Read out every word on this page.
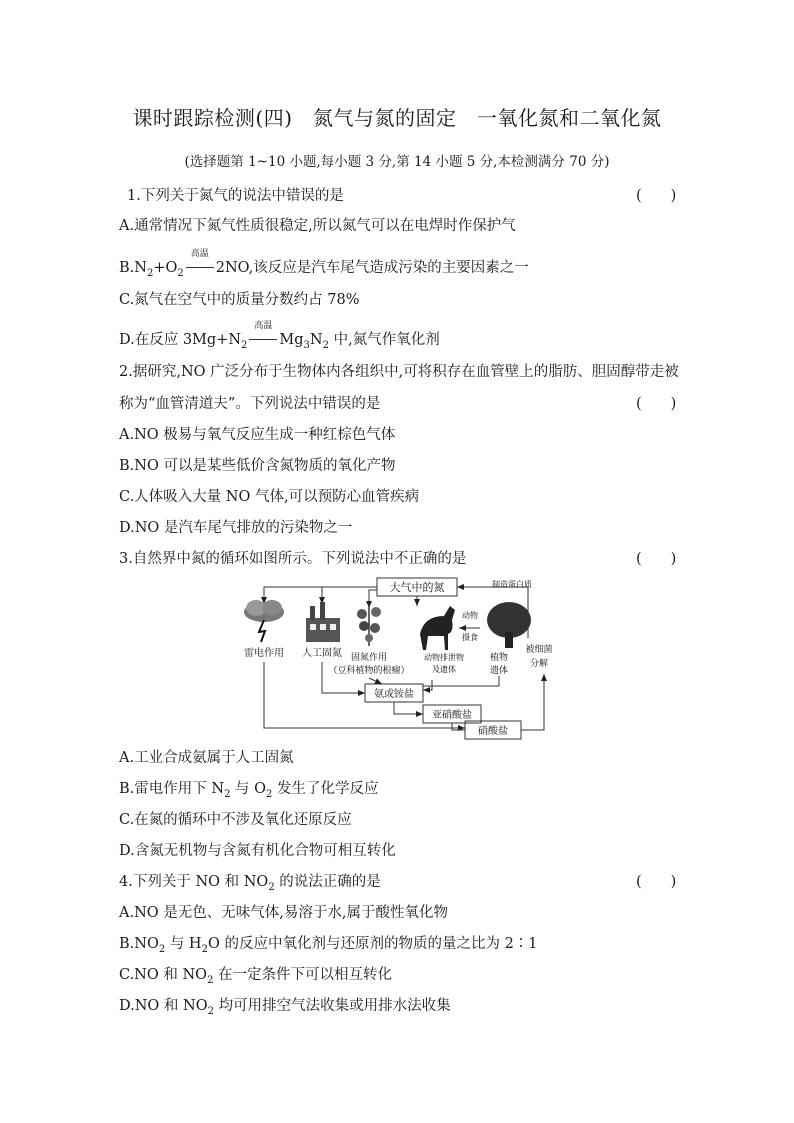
课时跟踪检测(四)　氮气与氮的固定　一氧化氮和二氧化氮
(选择题第 1~10 小题,每小题 3 分,第 14 小题 5 分,本检测满分 70 分)
1.下列关于氮气的说法中错误的是	(　　)
A.通常情况下氮气性质很稳定,所以氮气可以在电焊时作保护气
$B.N_2+O_2$
高温
2NO,该反应是汽车尾气造成污染的主要因素之一
C.氮气在空气中的质量分数约占 78%
D.在反应 $3Mg+N_2$
高温
$Mg_3N_2$ 中,氮气作氧化剂
2.据研究,NO 广泛分布于生物体内各组织中,可将积存在血管壁上的脂肪、胆固醇带走被
称为“血管清道夫”。下列说法中错误的是	(　　)
A.NO 极易与氧气反应生成一种红棕色气体
B.NO 可以是某些低价含氮物质的氧化产物
C.人体吸入大量 NO 气体,可以预防心血管疾病
D.NO 是汽车尾气排放的污染物之一
3.自然界中氮的循环如图所示。下列说法中不正确的是	(　　)
大气中的氮	制造蛋白质
动物
摄食
雷电作用 人工固氮 固氮作用
（豆科植物的根瘤）
动物排泄物
及遗体
植物
遗体
被细菌
分解
氨或铵盐
亚硝酸盐
硝酸盐
A.工业合成氨属于人工固氮
B.雷电作用下 $N_2$ 与 $O_2$ 发生了化学反应
C.在氮的循环中不涉及氧化还原反应
D.含氮无机物与含氮有机化合物可相互转化
4.下列关于 NO 和 $NO_2$ 的说法正确的是	(　　)
A.NO 是无色、无味气体,易溶于水,属于酸性氧化物
$B.NO_2$ 与 $H_2O$ 的反应中氧化剂与还原剂的物质的量之比为 2∶1
C.NO 和 $NO_2$ 在一定条件下可以相互转化
D.NO 和 $NO_2$ 均可用排空气法收集或用排水法收集
